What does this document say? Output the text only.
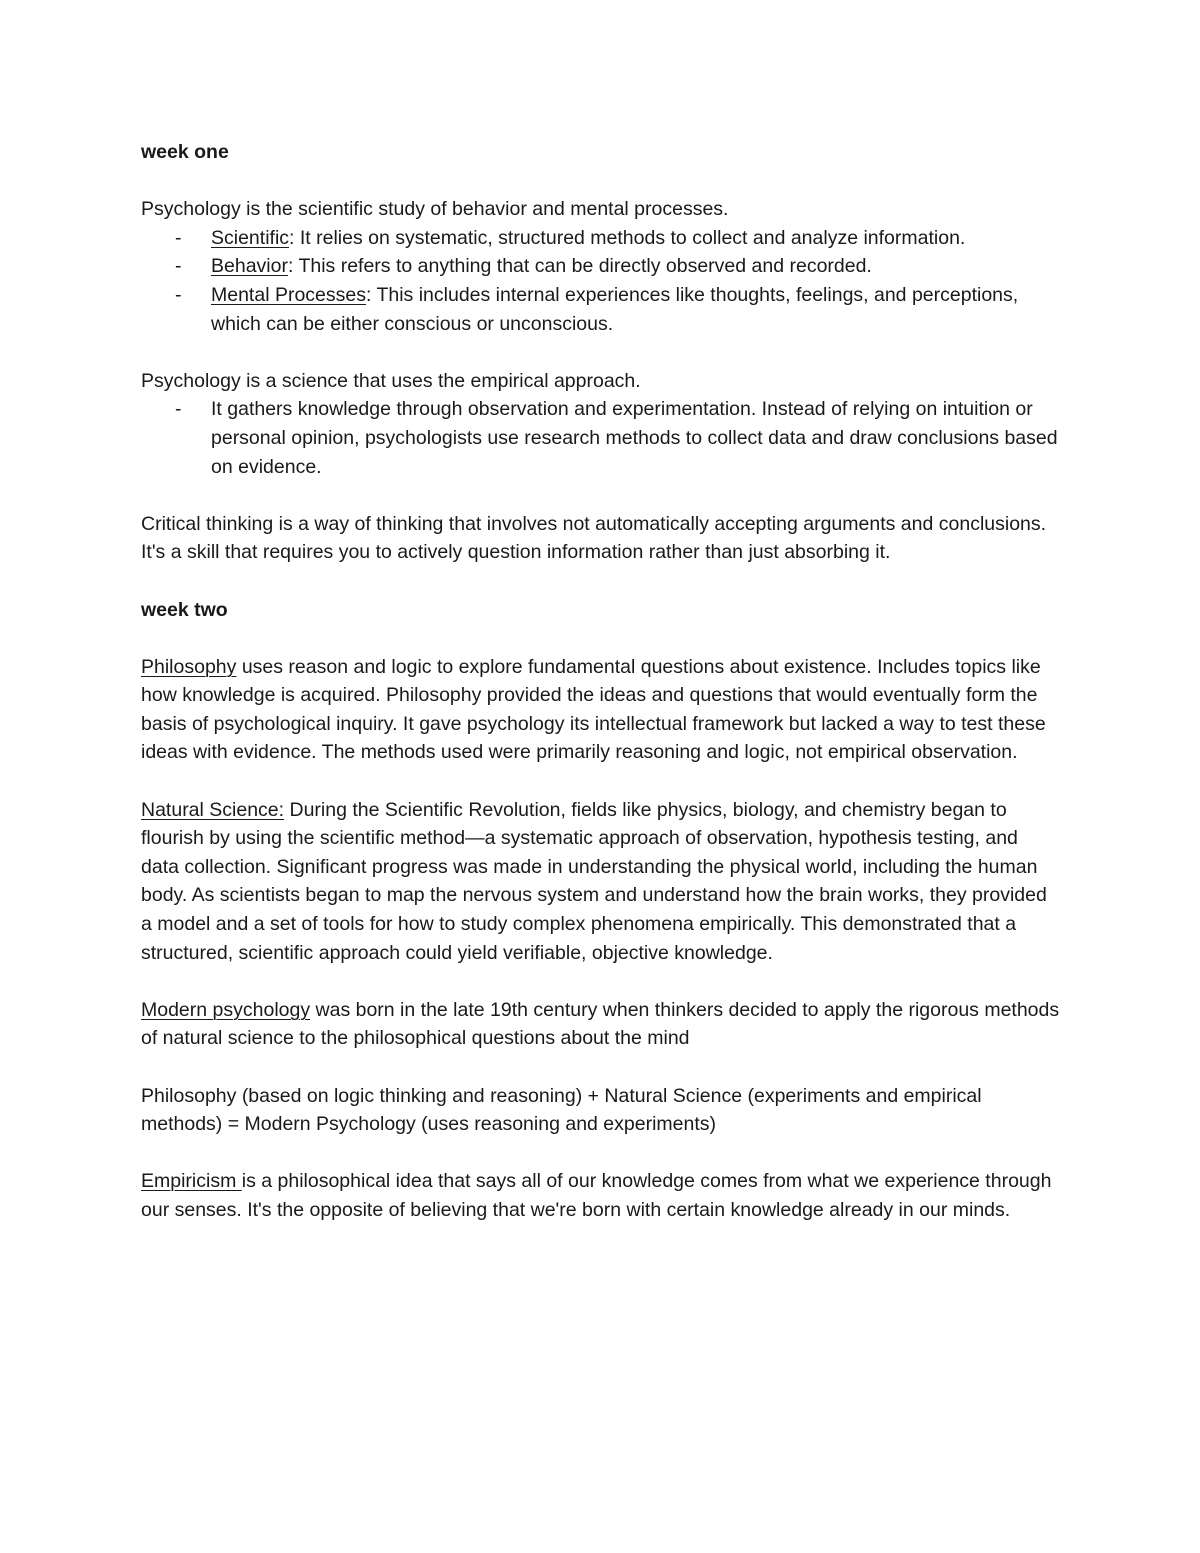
week one

Psychology is the scientific study of behavior and mental processes.

- Scientific: It relies on systematic, structured methods to collect and analyze information.
- Behavior: This refers to anything that can be directly observed and recorded.
- Mental Processes: This includes internal experiences like thoughts, feelings, and perceptions, which can be either conscious or unconscious.

Psychology is a science that uses the empirical approach.

- It gathers knowledge through observation and experimentation. Instead of relying on intuition or personal opinion, psychologists use research methods to collect data and draw conclusions based on evidence.

Critical thinking is a way of thinking that involves not automatically accepting arguments and conclusions. It's a skill that requires you to actively question information rather than just absorbing it.

week two

Philosophy uses reason and logic to explore fundamental questions about existence. Includes topics like how knowledge is acquired. Philosophy provided the ideas and questions that would eventually form the basis of psychological inquiry. It gave psychology its intellectual framework but lacked a way to test these ideas with evidence. The methods used were primarily reasoning and logic, not empirical observation.

Natural Science: During the Scientific Revolution, fields like physics, biology, and chemistry began to flourish by using the scientific method—a systematic approach of observation, hypothesis testing, and data collection. Significant progress was made in understanding the physical world, including the human body. As scientists began to map the nervous system and understand how the brain works, they provided a model and a set of tools for how to study complex phenomena empirically. This demonstrated that a structured, scientific approach could yield verifiable, objective knowledge.

Modern psychology was born in the late 19th century when thinkers decided to apply the rigorous methods of natural science to the philosophical questions about the mind

Philosophy (based on logic thinking and reasoning) + Natural Science (experiments and empirical methods) = Modern Psychology (uses reasoning and experiments)

Empiricism is a philosophical idea that says all of our knowledge comes from what we experience through our senses. It's the opposite of believing that we're born with certain knowledge already in our minds.
